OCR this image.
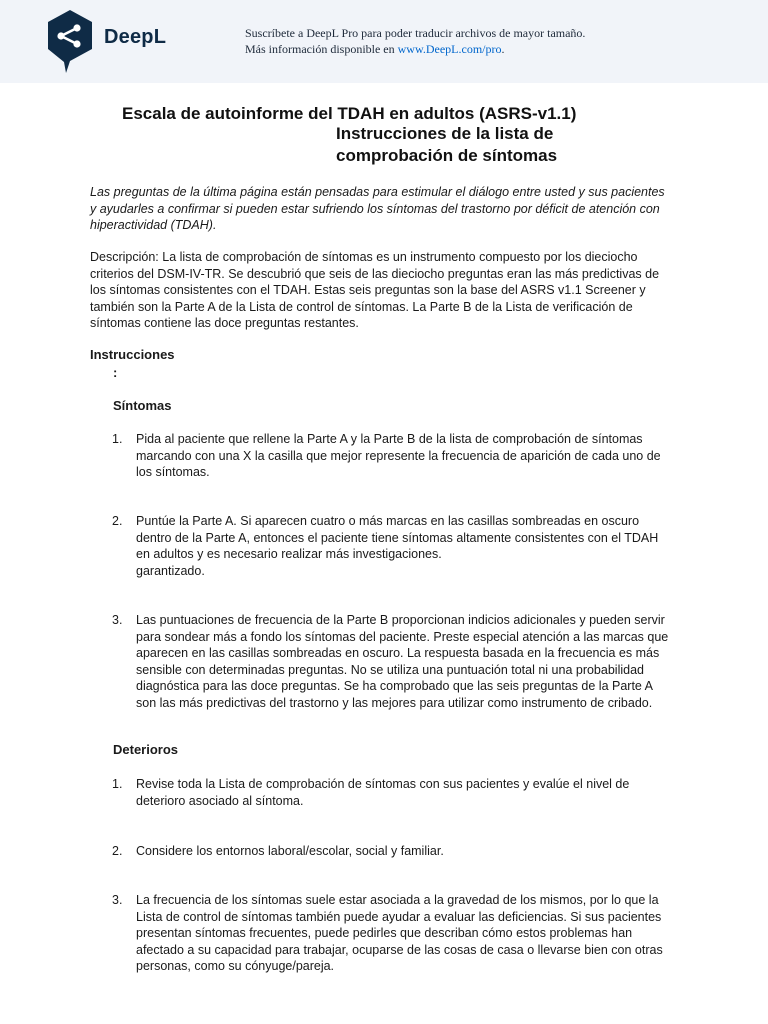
DeepL	Suscríbete a DeepL Pro para poder traducir archivos de mayor tamaño.
Más información disponible en www.DeepL.com/pro.
Escala de autoinforme del TDAH en adultos (ASRS-v1.1)
Instrucciones de la lista de
comprobación de síntomas

Las preguntas de la última página están pensadas para estimular el diálogo entre usted y sus pacientes y ayudarles a confirmar si pueden estar sufriendo los síntomas del trastorno por déficit de atención con hiperactividad (TDAH).

Descripción: La lista de comprobación de síntomas es un instrumento compuesto por los dieciocho criterios del DSM-IV-TR. Se descubrió que seis de las dieciocho preguntas eran las más predictivas de los síntomas consistentes con el TDAH. Estas seis preguntas son la base del ASRS v1.1 Screener y también son la Parte A de la Lista de control de síntomas. La Parte B de la Lista de verificación de síntomas contiene las doce preguntas restantes.

Instrucciones
:
Síntomas
1.	Pida al paciente que rellene la Parte A y la Parte B de la lista de comprobación de síntomas marcando con una X la casilla que mejor represente la frecuencia de aparición de cada uno de los síntomas.
2.	Puntúe la Parte A. Si aparecen cuatro o más marcas en las casillas sombreadas en oscuro dentro de la Parte A, entonces el paciente tiene síntomas altamente consistentes con el TDAH en adultos y es necesario realizar más investigaciones.
garantizado.
3.	Las puntuaciones de frecuencia de la Parte B proporcionan indicios adicionales y pueden servir para sondear más a fondo los síntomas del paciente. Preste especial atención a las marcas que aparecen en las casillas sombreadas en oscuro. La respuesta basada en la frecuencia es más sensible con determinadas preguntas. No se utiliza una puntuación total ni una probabilidad diagnóstica para las doce preguntas. Se ha comprobado que las seis preguntas de la Parte A son las más predictivas del trastorno y las mejores para utilizar como instrumento de cribado.
Deterioros
1.	Revise toda la Lista de comprobación de síntomas con sus pacientes y evalúe el nivel de deterioro asociado al síntoma.
2.	Considere los entornos laboral/escolar, social y familiar.
3.	La frecuencia de los síntomas suele estar asociada a la gravedad de los mismos, por lo que la Lista de control de síntomas también puede ayudar a evaluar las deficiencias. Si sus pacientes presentan síntomas frecuentes, puede pedirles que describan cómo estos problemas han afectado a su capacidad para trabajar, ocuparse de las cosas de casa o llevarse bien con otras personas, como su cónyuge/pareja.
